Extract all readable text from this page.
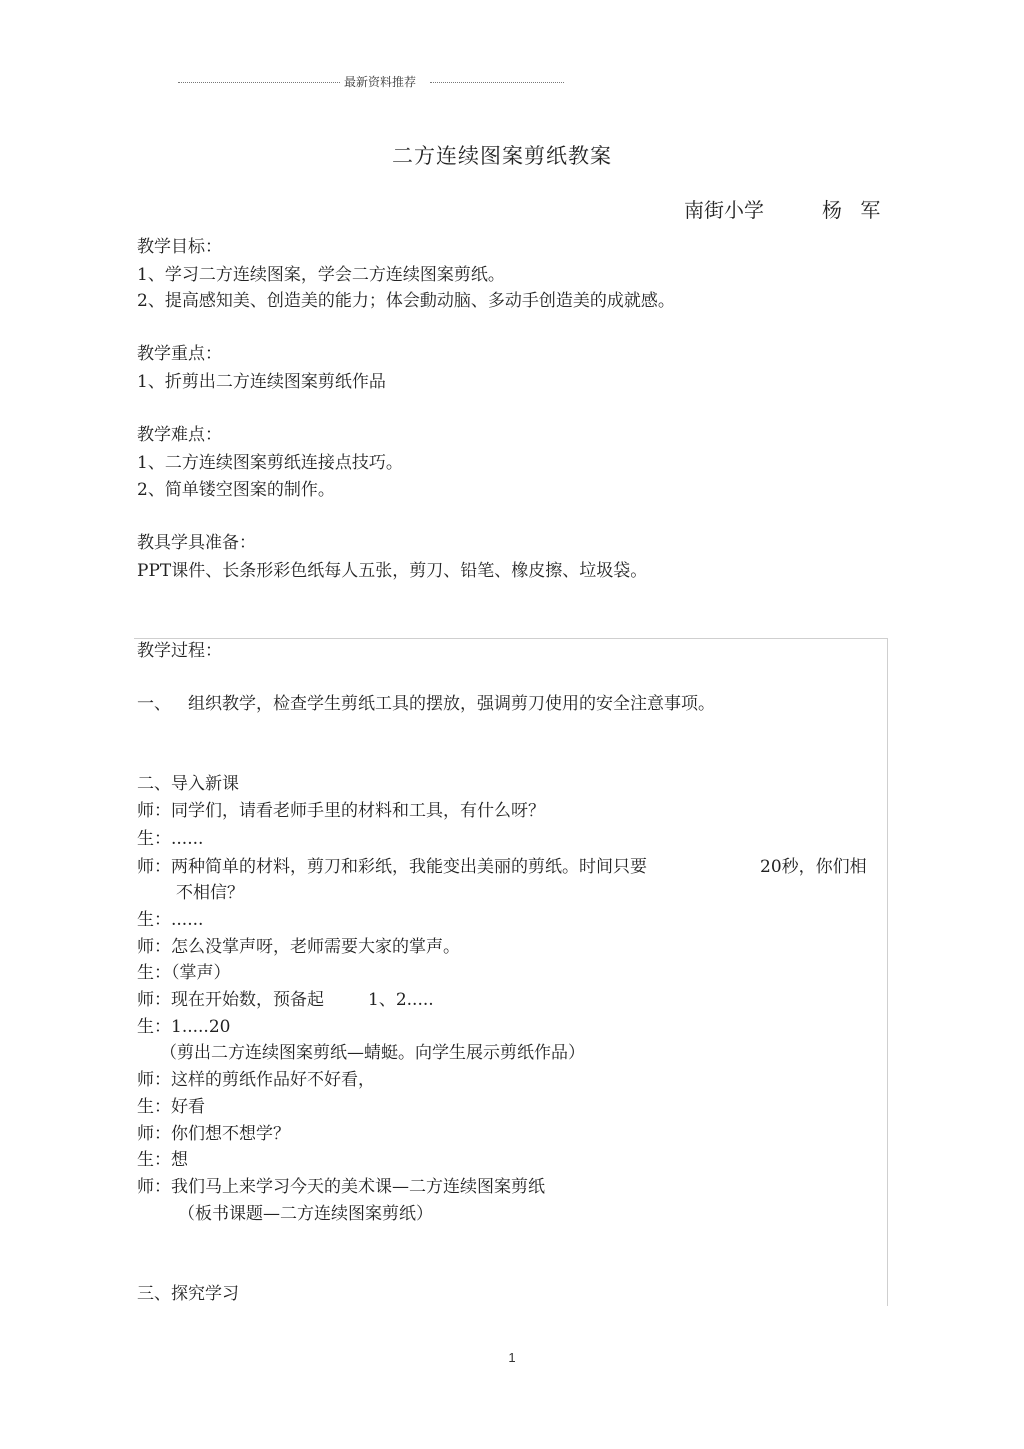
最新资料推荐
二方连续图案剪纸教案
南街小学	杨 军
教学目标：
1、学习二方连续图案，学会二方连续图案剪纸。
2、提高感知美、创造美的能力；体会動动脑、多动手创造美的成就感。
教学重点：
1、折剪出二方连续图案剪纸作品
教学难点：
1、二方连续图案剪纸连接点技巧。
2、简单镂空图案的制作。
教具学具准备：
PPT课件、长条形彩色纸每人五张，剪刀、铅笔、橡皮擦、垃圾袋。
教学过程：
一、 组织教学，检查学生剪纸工具的摆放，强调剪刀使用的安全注意事项。
二、导入新课
师：同学们，请看老师手里的材料和工具，有什么呀？
生：......
师：两种简单的材料，剪刀和彩纸，我能变出美丽的剪纸。时间只要	20秒，你们相
不相信？
生：......
师：怎么没掌声呀，老师需要大家的掌声。
生：（掌声）
师：现在开始数，预备起	1、2.....
生：1.....20
（剪出二方连续图案剪纸—蜻蜓。向学生展示剪纸作品）
师：这样的剪纸作品好不好看，
生：好看
师：你们想不想学？
生：想
师：我们马上来学习今天的美术课—二方连续图案剪纸
（板书课题—二方连续图案剪纸）
三、探究学习
1
